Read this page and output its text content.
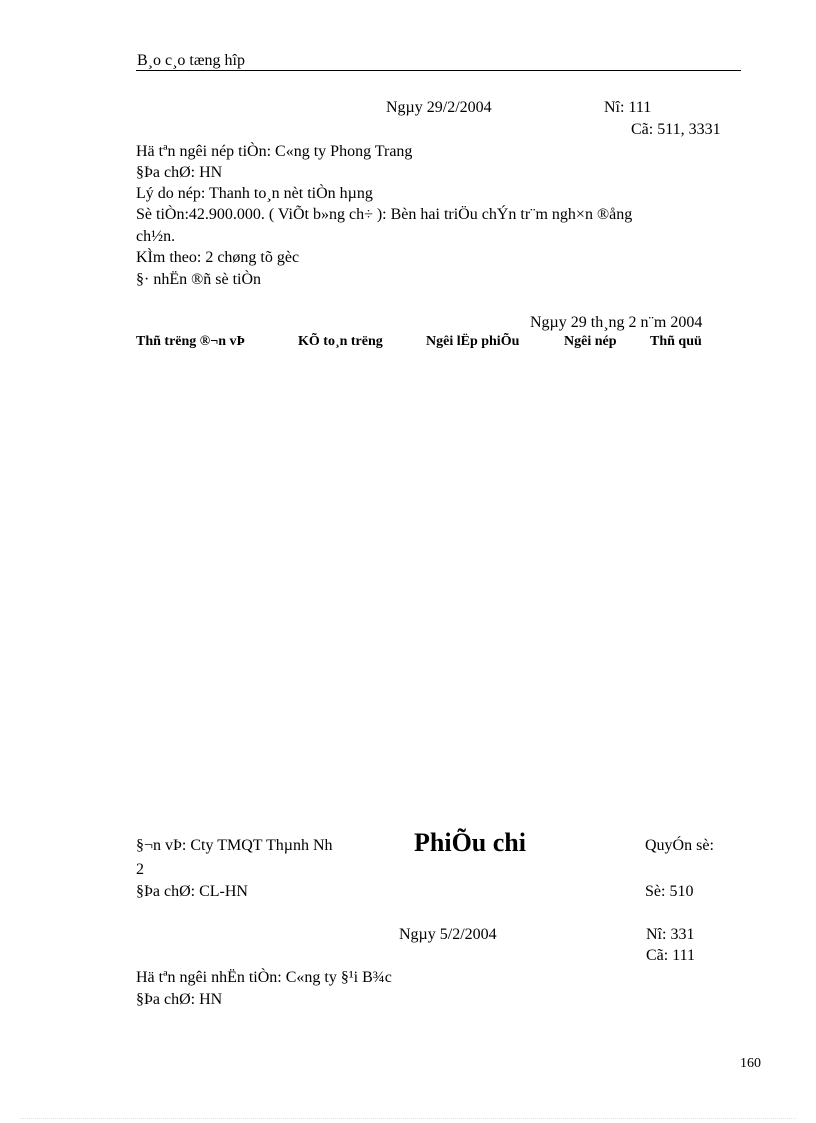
B¸o c¸o tæng hîp
Ngµy 29/2/2004	Nî: 111
Cã: 511, 3331
Hä tªn ngêi nép tiÒn: C«ng ty Phong Trang
§Þa chØ: HN
Lý do nép: Thanh to¸n nèt tiÒn hµng
Sè tiÒn:42.900.000. ( ViÕt b»ng ch÷ ): Bèn hai triÖu chÝn tr¨m ngh×n ®ång
ch½n.
KÌm theo: 2 chøng tõ gèc
§· nhËn ®ñ sè tiÒn
Ngµy 29 th¸ng 2 n¨m 2004
Thñ trëng ®¬n vÞ	KÕ to¸n trëng	Ngêi lËp phiÕu	Ngêi nép Thñ quü
§¬n vÞ: Cty TMQT Thµnh Nh	PhiÕu chi	QuyÓn sè:
2
§Þa chØ: CL-HN	Sè: 510
Ngµy 5/2/2004	Nî: 331
Cã: 111
Hä tªn ngêi nhËn tiÒn: C«ng ty §¹i B¾c
§Þa chØ: HN
160
